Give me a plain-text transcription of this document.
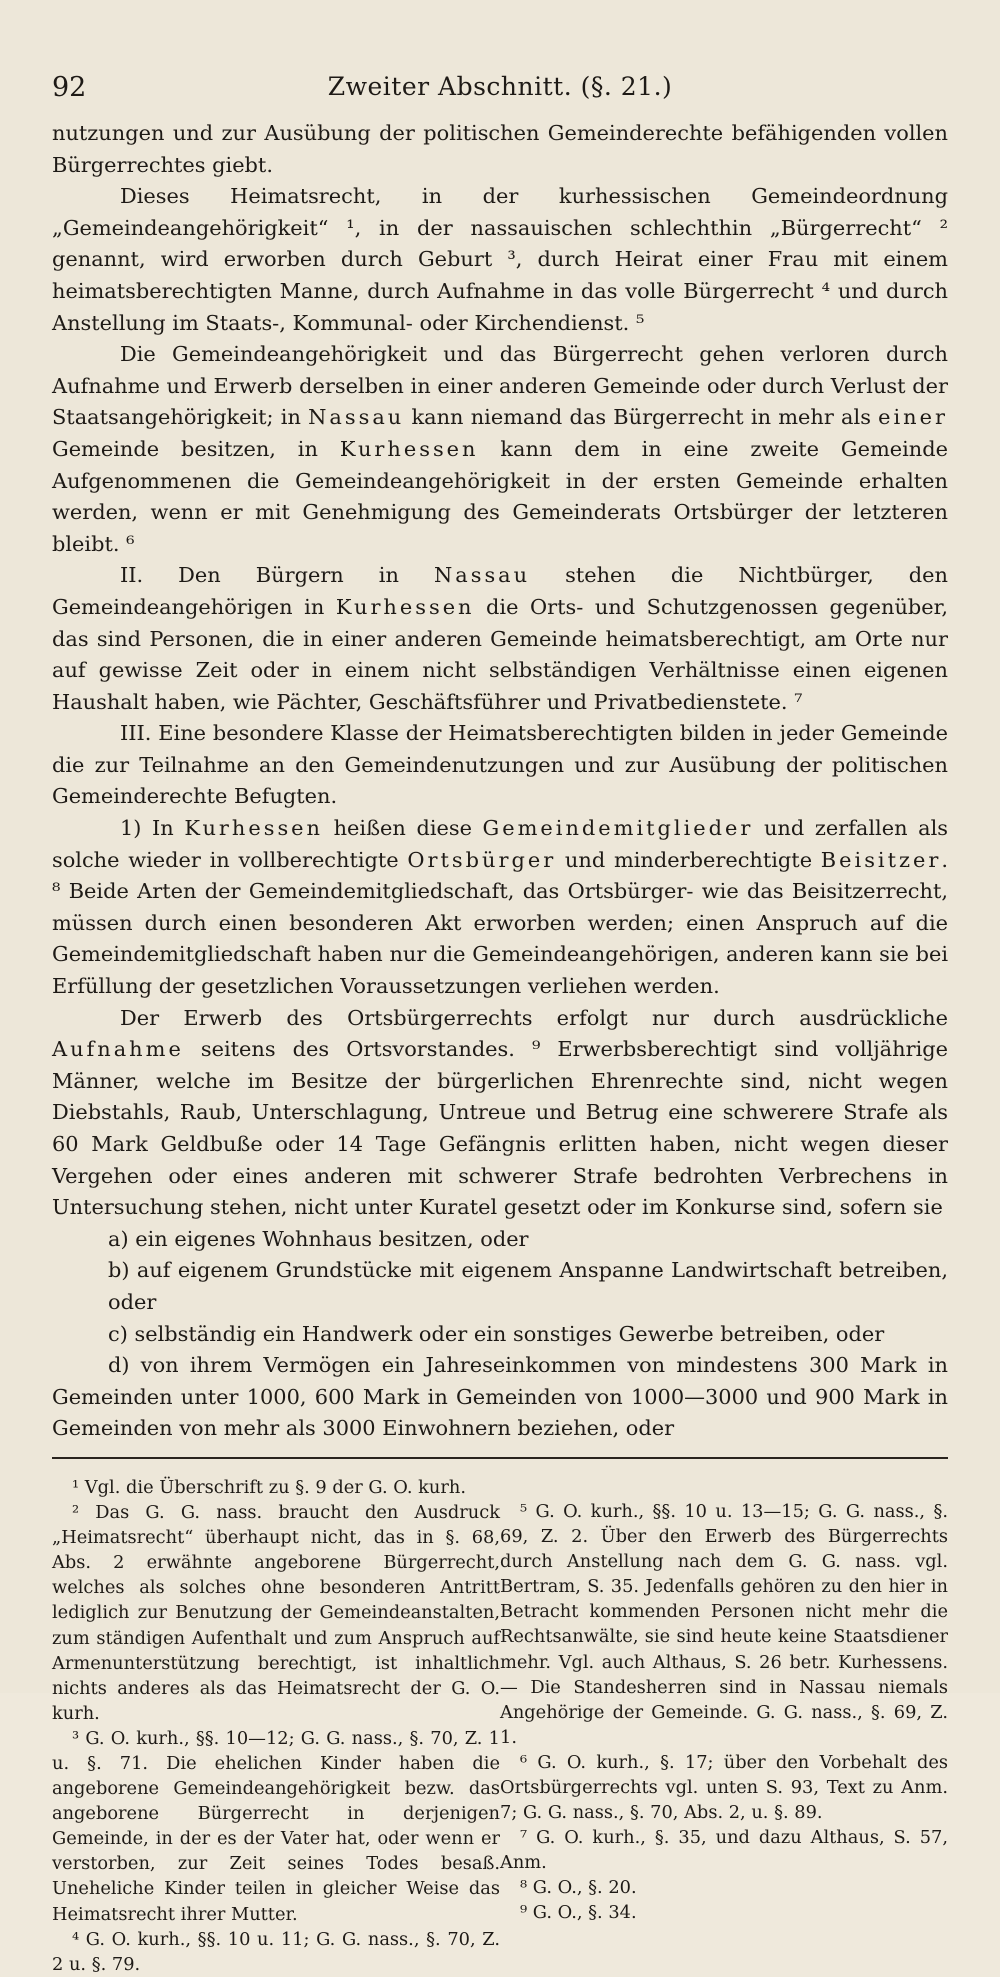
92	Zweiter Abschnitt. (§. 21.)

nutzungen und zur Ausübung der politischen Gemeinderechte befähigenden vollen Bürgerrechtes giebt.

Dieses Heimatsrecht, in der kurhessischen Gemeindeordnung „Gemeindeangehörigkeit“ ¹, in der nassauischen schlechthin „Bürgerrecht“ ² genannt, wird erworben durch Geburt ³, durch Heirat einer Frau mit einem heimatsberechtigten Manne, durch Aufnahme in das volle Bürgerrecht ⁴ und durch Anstellung im Staats-, Kommunal- oder Kirchendienst. ⁵

Die Gemeindeangehörigkeit und das Bürgerrecht gehen verloren durch Aufnahme und Erwerb derselben in einer anderen Gemeinde oder durch Verlust der Staatsangehörigkeit; in Nassau kann niemand das Bürgerrecht in mehr als einer Gemeinde besitzen, in Kurhessen kann dem in eine zweite Gemeinde Aufgenommenen die Gemeindeangehörigkeit in der ersten Gemeinde erhalten werden, wenn er mit Genehmigung des Gemeinderats Ortsbürger der letzteren bleibt. ⁶

II. Den Bürgern in Nassau stehen die Nichtbürger, den Gemeindeangehörigen in Kurhessen die Orts- und Schutzgenossen gegenüber, das sind Personen, die in einer anderen Gemeinde heimatsberechtigt, am Orte nur auf gewisse Zeit oder in einem nicht selbständigen Verhältnisse einen eigenen Haushalt haben, wie Pächter, Geschäftsführer und Privatbedienstete. ⁷

III. Eine besondere Klasse der Heimatsberechtigten bilden in jeder Gemeinde die zur Teilnahme an den Gemeindenutzungen und zur Ausübung der politischen Gemeinderechte Befugten.

1) In Kurhessen heißen diese Gemeindemitglieder und zerfallen als solche wieder in vollberechtigte Ortsbürger und minderberechtigte Beisitzer. ⁸ Beide Arten der Gemeindemitgliedschaft, das Ortsbürger- wie das Beisitzerrecht, müssen durch einen besonderen Akt erworben werden; einen Anspruch auf die Gemeindemitgliedschaft haben nur die Gemeindeangehörigen, anderen kann sie bei Erfüllung der gesetzlichen Voraussetzungen verliehen werden.

Der Erwerb des Ortsbürgerrechts erfolgt nur durch ausdrückliche Aufnahme seitens des Ortsvorstandes. ⁹ Erwerbsberechtigt sind volljährige Männer, welche im Besitze der bürgerlichen Ehrenrechte sind, nicht wegen Diebstahls, Raub, Unterschlagung, Untreue und Betrug eine schwerere Strafe als 60 Mark Geldbuße oder 14 Tage Gefängnis erlitten haben, nicht wegen dieser Vergehen oder eines anderen mit schwerer Strafe bedrohten Verbrechens in Untersuchung stehen, nicht unter Kuratel gesetzt oder im Konkurse sind, sofern sie

a) ein eigenes Wohnhaus besitzen, oder

b) auf eigenem Grundstücke mit eigenem Anspanne Landwirtschaft betreiben, oder

c) selbständig ein Handwerk oder ein sonstiges Gewerbe betreiben, oder

d) von ihrem Vermögen ein Jahreseinkommen von mindestens 300 Mark in Gemeinden unter 1000, 600 Mark in Gemeinden von 1000—3000 und 900 Mark in Gemeinden von mehr als 3000 Einwohnern beziehen, oder

¹ Vgl. die Überschrift zu §. 9 der G. O. kurh.

² Das G. G. nass. braucht den Ausdruck „Heimatsrecht“ überhaupt nicht, das in §. 68, Abs. 2 erwähnte angeborene Bürgerrecht, welches als solches ohne besonderen Antritt lediglich zur Benutzung der Gemeindeanstalten, zum ständigen Aufenthalt und zum Anspruch auf Armenunterstützung berechtigt, ist inhaltlich nichts anderes als das Heimatsrecht der G. O. kurh.

³ G. O. kurh., §§. 10—12; G. G. nass., §. 70, Z. 1 u. §. 71. Die ehelichen Kinder haben die angeborene Gemeindeangehörigkeit bezw. das angeborene Bürgerrecht in derjenigen Gemeinde, in der es der Vater hat, oder wenn er verstorben, zur Zeit seines Todes besaß. Uneheliche Kinder teilen in gleicher Weise das Heimatsrecht ihrer Mutter.

⁴ G. O. kurh., §§. 10 u. 11; G. G. nass., §. 70, Z. 2 u. §. 79.

⁵ G. O. kurh., §§. 10 u. 13—15; G. G. nass., §. 69, Z. 2. Über den Erwerb des Bürgerrechts durch Anstellung nach dem G. G. nass. vgl. Bertram, S. 35. Jedenfalls gehören zu den hier in Betracht kommenden Personen nicht mehr die Rechtsanwälte, sie sind heute keine Staatsdiener mehr. Vgl. auch Althaus, S. 26 betr. Kurhessens. — Die Standesherren sind in Nassau niemals Angehörige der Gemeinde. G. G. nass., §. 69, Z. 1.

⁶ G. O. kurh., §. 17; über den Vorbehalt des Ortsbürgerrechts vgl. unten S. 93, Text zu Anm. 7; G. G. nass., §. 70, Abs. 2, u. §. 89.

⁷ G. O. kurh., §. 35, und dazu Althaus, S. 57, Anm.

⁸ G. O., §. 20.

⁹ G. O., §. 34.
